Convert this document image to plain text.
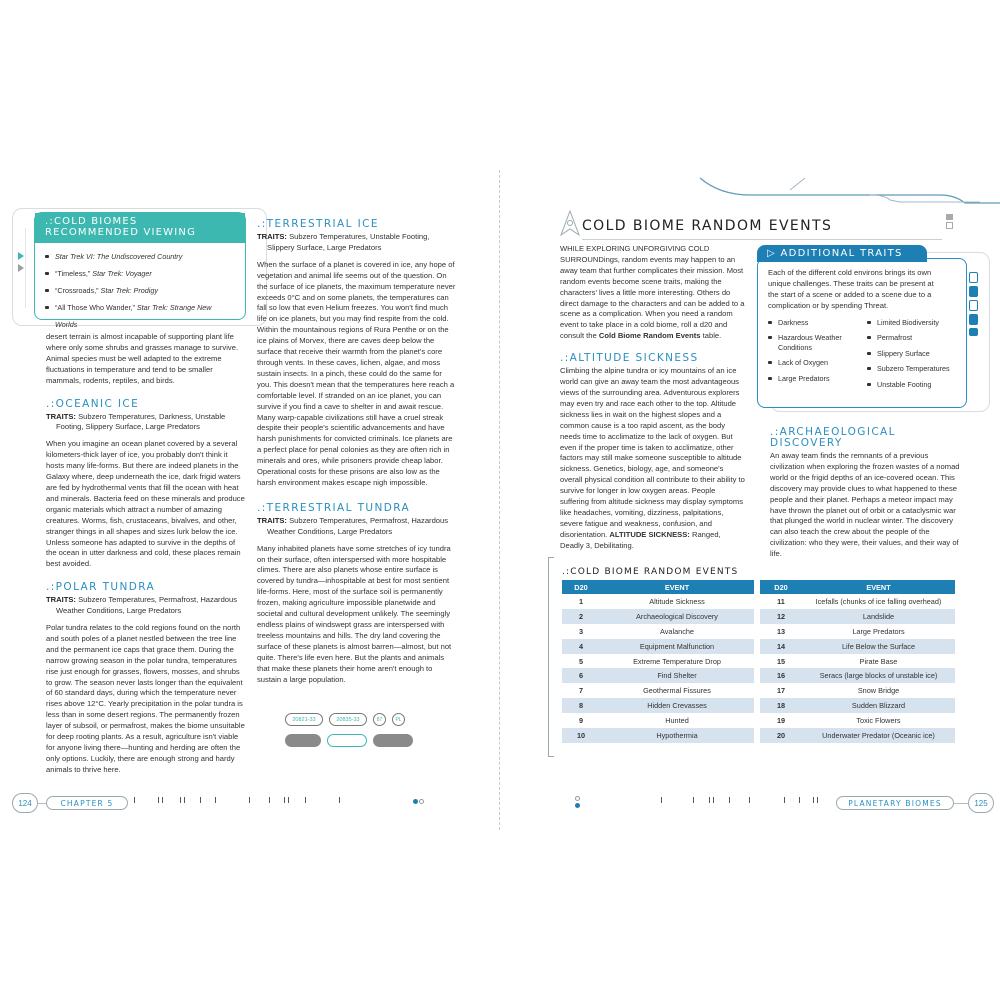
.:COLD BIOMES
RECOMMENDED VIEWING
Star Trek VI: The Undiscovered Country
“Timeless,” Star Trek: Voyager
“Crossroads,” Star Trek: Prodigy
“All Those Who Wander,” Star Trek: Strange New Worlds

desert terrain is almost incapable of supporting plant life where only some shrubs and grasses manage to survive. Animal species must be well adapted to the extreme fluctuations in temperature and tend to be smaller mammals, rodents, reptiles, and birds.

.:OCEANIC ICE
TRAITS: Subzero Temperatures, Darkness, Unstable Footing, Slippery Surface, Large Predators

When you imagine an ocean planet covered by a several kilometers-thick layer of ice, you probably don't think it hosts many life-forms. But there are indeed planets in the Galaxy where, deep underneath the ice, dark frigid waters are fed by hydrothermal vents that fill the ocean with heat and minerals. Bacteria feed on these minerals and produce organic materials which attract a number of amazing creatures. Worms, fish, crustaceans, bivalves, and other, stranger things in all shapes and sizes lurk below the ice. Unless someone has adapted to survive in the depths of the ocean in utter darkness and cold, these places remain best avoided.

.:POLAR TUNDRA
TRAITS: Subzero Temperatures, Permafrost, Hazardous Weather Conditions, Large Predators

Polar tundra relates to the cold regions found on the north and south poles of a planet nestled between the tree line and the permanent ice caps that grace them. During the narrow growing season in the polar tundra, temperatures rise just enough for grasses, flowers, mosses, and shrubs to grow. The season never lasts longer than the equivalent of 60 standard days, during which the temperature never rises above 12°C. Yearly precipitation in the polar tundra is less than in some desert regions. The permanently frozen layer of subsoil, or permafrost, makes the biome unsuitable for deep rooting plants. As a result, agriculture isn't viable for anyone living there—hunting and herding are often the only options. Luckily, there are enough strong and hardy animals to thrive here.

.:TERRESTRIAL ICE
TRAITS: Subzero Temperatures, Unstable Footing, Slippery Surface, Large Predators

When the surface of a planet is covered in ice, any hope of vegetation and animal life seems out of the question. On the surface of ice planets, the maximum temperature never exceeds 0°C and on some planets, the temperatures can fall so low that even Helium freezes. You won't find much life on ice planets, but you may find respite from the cold. Within the mountainous regions of Rura Penthe or on the ice plains of Morvex, there are caves deep below the surface that receive their warmth from the planet's core through vents. In these caves, lichen, algae, and moss sustain insects. In a pinch, these could do the same for you. This doesn't mean that the temperatures here reach a comfortable level. If stranded on an ice planet, you can survive if you find a cave to shelter in and await rescue. Many warp-capable civilizations still have a cruel streak despite their people's scientific advancements and have harsh punishments for convicted criminals. Ice planets are a perfect place for penal colonies as they are often rich in minerals and ores, while prisoners provide cheap labor. Operational costs for these prisons are also low as the harsh environment makes escape nigh impossible.

.:TERRESTRIAL TUNDRA
TRAITS: Subzero Temperatures, Permafrost, Hazardous Weather Conditions, Large Predators

Many inhabited planets have some stretches of icy tundra on their surface, often interspersed with more hospitable climes. There are also planets whose entire surface is covered by tundra—inhospitable at best for most sentient life-forms. Here, most of the surface soil is permanently frozen, making agriculture impossible planetwide and societal and cultural development unlikely. The seemingly endless plains of windswept grass are interspersed with treeless mountains and hills. The dry land covering the surface of these planets is almost barren—almost, but not quite. There's life even here. But the plants and animals that make these planets their home aren't enough to sustain a large population.

20821-33	20835-33	87	PL
124	CHAPTER 5
COLD BIOME RANDOM EVENTS

WHILE EXPLORING UNFORGIVING COLD SURROUNDings, random events may happen to an away team that further complicates their mission. Most random events become scene traits, making the characters' lives a little more interesting. Others do direct damage to the characters and can be added to a scene as a complication. When you need a random event to take place in a cold biome, roll a d20 and consult the Cold Biome Random Events table.

.:ALTITUDE SICKNESS

Climbing the alpine tundra or icy mountains of an ice world can give an away team the most advantageous views of the surrounding area. Adventurous explorers may even try and race each other to the top. Altitude sickness lies in wait on the highest slopes and a common cause is a too rapid ascent, as the body needs time to acclimatize to the lack of oxygen. But even if the proper time is taken to acclimatize, other factors may still make someone susceptible to altitude sickness. Genetics, biology, age, and someone's overall physical condition all contribute to their ability to survive for longer in low oxygen areas. People suffering from altitude sickness may display symptoms like headaches, vomiting, dizziness, palpitations, severe fatigue and weakness, confusion, and disorientation. ALTITUDE SICKNESS: Ranged, Deadly 3, Debilitating.

Each of the different cold environs brings its own unique challenges. These traits can be present at the start of a scene or added to a scene due to a complication or by spending Threat.
Darkness
Hazardous Weather Conditions
Lack of Oxygen
Large Predators
Limited Biodiversity
Permafrost
Slippery Surface
Subzero Temperatures
Unstable Footing
▷ ADDITIONAL TRAITS
.:ARCHAEOLOGICAL
DISCOVERY

An away team finds the remnants of a previous civilization when exploring the frozen wastes of a nomad world or the frigid depths of an ice-covered ocean. This discovery may provide clues to what happened to these people and their planet. Perhaps a meteor impact may have thrown the planet out of orbit or a cataclysmic war that plunged the world in nuclear winter. The discovery can also teach the crew about the people of the civilization: who they were, their values, and their way of life.

.:COLD BIOME RANDOM EVENTS
D20	EVENT
1	Altitude Sickness
2	Archaeological Discovery
3	Avalanche
4	Equipment Malfunction
5	Extreme Temperature Drop
6	Find Shelter
7	Geothermal Fissures
8	Hidden Crevasses
9	Hunted
10	Hypothermia
D20	EVENT
11	Icefalls (chunks of ice falling overhead)
12	Landslide
13	Large Predators
14	Life Below the Surface
15	Pirate Base
16	Seracs (large blocks of unstable ice)
17	Snow Bridge
18	Sudden Blizzard
19	Toxic Flowers
20	Underwater Predator (Oceanic ice)
PLANETARY BIOMES	125
